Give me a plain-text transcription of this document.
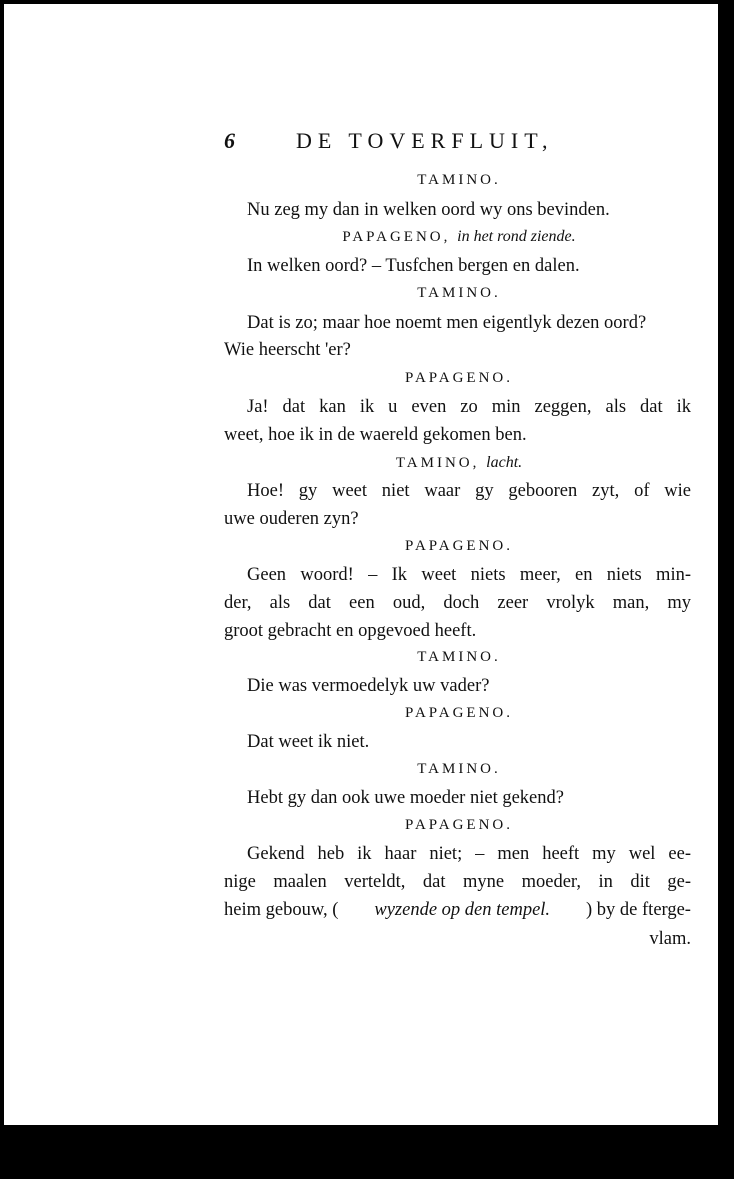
6	DE TOVERFLUIT,
TAMINO.
Nu zeg my dan in welken oord wy ons bevinden.
PAPAGENO, in het rond ziende.
In welken oord? – Tusfchen bergen en dalen.
TAMINO.
Dat is zo; maar hoe noemt men eigentlyk dezen oord?
Wie heerscht 'er?
PAPAGENO.
Ja! dat kan ik u even zo min zeggen, als dat ik
weet, hoe ik in de waereld gekomen ben.
TAMINO, lacht.
Hoe! gy weet niet waar gy gebooren zyt, of wie
uwe ouderen zyn?
PAPAGENO.
Geen woord! – Ik weet niets meer, en niets min-
der, als dat een oud, doch zeer vrolyk man, my
groot gebracht en opgevoed heeft.
TAMINO.
Die was vermoedelyk uw vader?
PAPAGENO.
Dat weet ik niet.
TAMINO.
Hebt gy dan ook uwe moeder niet gekend?
PAPAGENO.
Gekend heb ik haar niet; – men heeft my wel ee-
nige maalen verteldt, dat myne moeder, in dit ge-
heim gebouw, ( wyzende op den tempel. ) by de fterge-
vlam.
